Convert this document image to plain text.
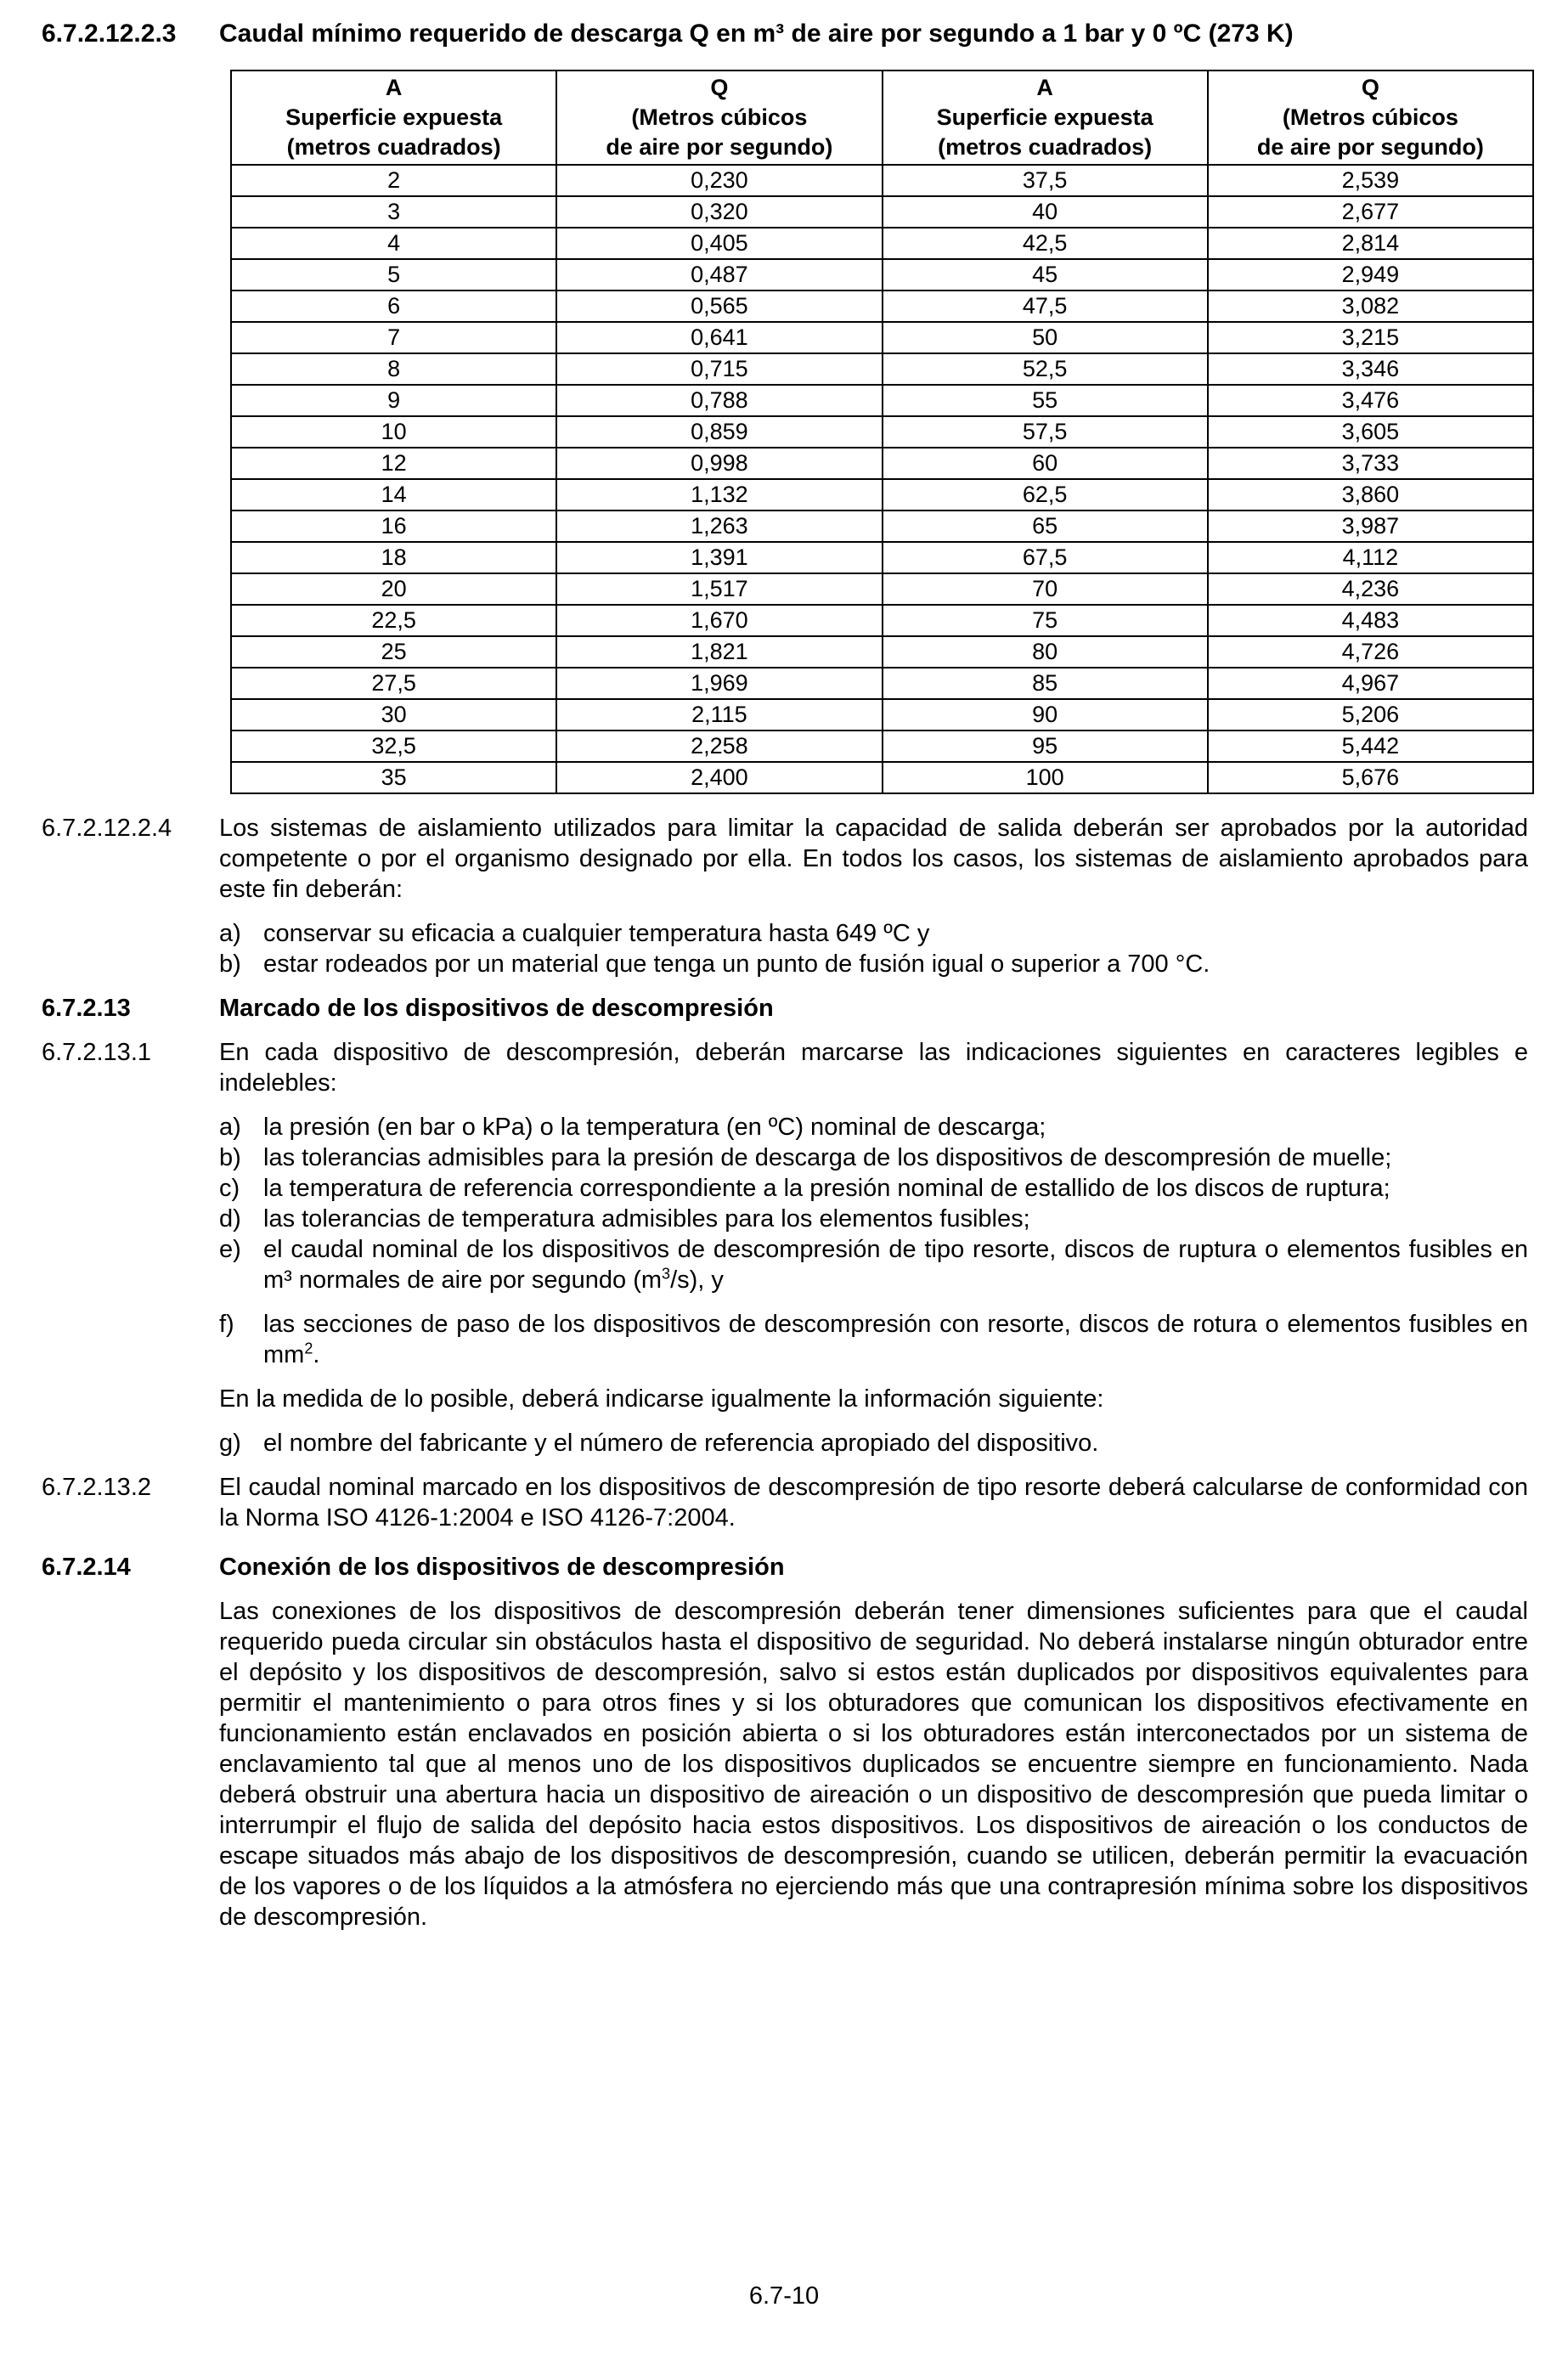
6.7.2.12.2.3	Caudal mínimo requerido de descarga Q en m³ de aire por segundo a 1 bar y 0 ºC (273 K)
A
Superficie expuesta
(metros cuadrados)	Q
(Metros cúbicos
de aire por segundo)	A
Superficie expuesta
(metros cuadrados)	Q
(Metros cúbicos
de aire por segundo)

2	0,230	37,5	2,539
3	0,320	40	2,677
4	0,405	42,5	2,814
5	0,487	45	2,949
6	0,565	47,5	3,082
7	0,641	50	3,215
8	0,715	52,5	3,346
9	0,788	55	3,476
10	0,859	57,5	3,605
12	0,998	60	3,733
14	1,132	62,5	3,860
16	1,263	65	3,987
18	1,391	67,5	4,112
20	1,517	70	4,236
22,5	1,670	75	4,483
25	1,821	80	4,726
27,5	1,969	85	4,967
30	2,115	90	5,206
32,5	2,258	95	5,442
35	2,400	100	5,676
6.7.2.12.2.4	Los sistemas de aislamiento utilizados para limitar la capacidad de salida deberán ser aprobados por la autoridad competente o por el organismo designado por ella. En todos los casos, los sistemas de aislamiento aprobados para este fin deberán:

a) conservar su eficacia a cualquier temperatura hasta 649 ºC y
b) estar rodeados por un material que tenga un punto de fusión igual o superior a 700 °C.
6.7.2.13	Marcado de los dispositivos de descompresión
6.7.2.13.1	En cada dispositivo de descompresión, deberán marcarse las indicaciones siguientes en caracteres legibles e indelebles:

a) la presión (en bar o kPa) o la temperatura (en ºC) nominal de descarga;
b) las tolerancias admisibles para la presión de descarga de los dispositivos de descompresión de muelle;
c) la temperatura de referencia correspondiente a la presión nominal de estallido de los discos de ruptura;
d) las tolerancias de temperatura admisibles para los elementos fusibles;
e) el caudal nominal de los dispositivos de descompresión de tipo resorte, discos de ruptura o elementos fusibles en m³ normales de aire por segundo $(m^3/s)$, y
f)	las secciones de paso de los dispositivos de descompresión con resorte, discos de rotura o elementos fusibles en $mm^2$.

En la medida de lo posible, deberá indicarse igualmente la información siguiente:

g) el nombre del fabricante y el número de referencia apropiado del dispositivo.
6.7.2.13.2	El caudal nominal marcado en los dispositivos de descompresión de tipo resorte deberá calcularse de conformidad con la Norma ISO 4126-1:2004 e ISO 4126-7:2004.

6.7.2.14	Conexión de los dispositivos de descompresión

Las conexiones de los dispositivos de descompresión deberán tener dimensiones suficientes para que el caudal requerido pueda circular sin obstáculos hasta el dispositivo de seguridad. No deberá instalarse ningún obturador entre el depósito y los dispositivos de descompresión, salvo si estos están duplicados por dispositivos equivalentes para permitir el mantenimiento o para otros fines y si los obturadores que comunican los dispositivos efectivamente en funcionamiento están enclavados en posición abierta o si los obturadores están interconectados por un sistema de enclavamiento tal que al menos uno de los dispositivos duplicados se encuentre siempre en funcionamiento. Nada deberá obstruir una abertura hacia un dispositivo de aireación o un dispositivo de descompresión que pueda limitar o interrumpir el flujo de salida del depósito hacia estos dispositivos. Los dispositivos de aireación o los conductos de escape situados más abajo de los dispositivos de descompresión, cuando se utilicen, deberán permitir la evacuación de los vapores o de los líquidos a la atmósfera no ejerciendo más que una contrapresión mínima sobre los dispositivos de descompresión.

6.7-10
